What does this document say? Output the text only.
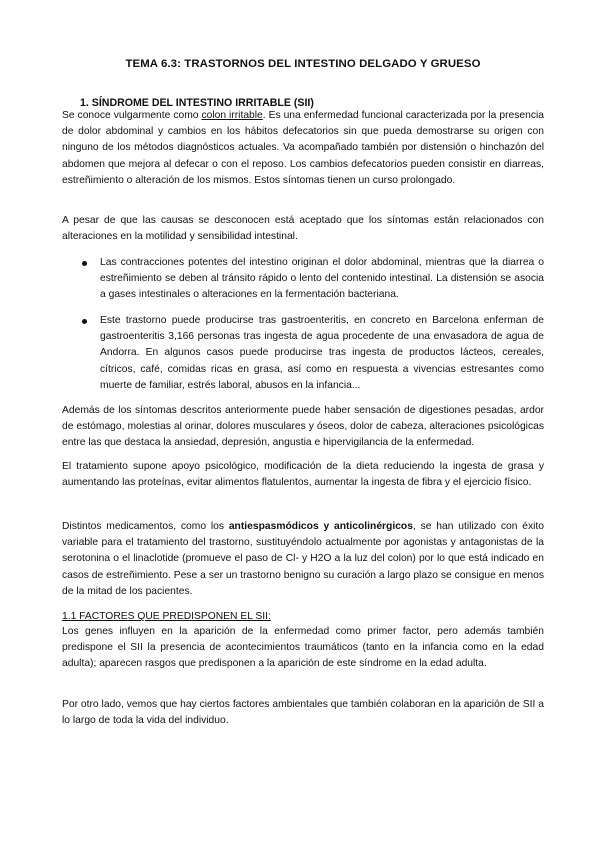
TEMA 6.3: TRASTORNOS DEL INTESTINO DELGADO Y GRUESO
1. SÍNDROME DEL INTESTINO IRRITABLE (SII)

Se conoce vulgarmente como colon irritable. Es una enfermedad funcional caracterizada por la presencia de dolor abdominal y cambios en los hábitos defecatorios sin que pueda demostrarse su origen con ninguno de los métodos diagnósticos actuales. Va acompañado también por distensión o hinchazón del abdomen que mejora al defecar o con el reposo. Los cambios defecatorios pueden consistir en diarreas, estreñimiento o alteración de los mismos. Estos síntomas tienen un curso prolongado.

A pesar de que las causas se desconocen está aceptado que los síntomas están relacionados con alteraciones en la motilidad y sensibilidad intestinal.

Las contracciones potentes del intestino originan el dolor abdominal, mientras que la diarrea o estreñimiento se deben al tránsito rápido o lento del contenido intestinal. La distensión se asocia a gases intestinales o alteraciones en la fermentación bacteriana.

Este trastorno puede producirse tras gastroenteritis, en concreto en Barcelona enferman de gastroenteritis 3,166 personas tras ingesta de agua procedente de una envasadora de agua de Andorra. En algunos casos puede producirse tras ingesta de productos lácteos, cereales, cítricos, café, comidas ricas en grasa, así como en respuesta a vivencias estresantes como muerte de familiar, estrés laboral, abusos en la infancia...

Además de los síntomas descritos anteriormente puede haber sensación de digestiones pesadas, ardor de estómago, molestias al orinar, dolores musculares y óseos, dolor de cabeza, alteraciones psicológicas entre las que destaca la ansiedad, depresión, angustia e hipervigilancia de la enfermedad.

El tratamiento supone apoyo psicológico, modificación de la dieta reduciendo la ingesta de grasa y aumentando las proteínas, evitar alimentos flatulentos, aumentar la ingesta de fibra y el ejercicio físico.

Distintos medicamentos, como los antiespasmódicos y anticolinérgicos, se han utilizado con éxito variable para el tratamiento del trastorno, sustituyéndolo actualmente por agonistas y antagonistas de la serotonina o el linaclotide (promueve el paso de Cl- y H2O a la luz del colon) por lo que está indicado en casos de estreñimiento. Pese a ser un trastorno benigno su curación a largo plazo se consigue en menos de la mitad de los pacientes.

1.1 FACTORES QUE PREDISPONEN EL SII:

Los genes influyen en la aparición de la enfermedad como primer factor, pero además también predispone el SII la presencia de acontecimientos traumáticos (tanto en la infancia como en la edad adulta); aparecen rasgos que predisponen a la aparición de este síndrome en la edad adulta.

Por otro lado, vemos que hay ciertos factores ambientales que también colaboran en la aparición de SII a lo largo de toda la vida del individuo.
